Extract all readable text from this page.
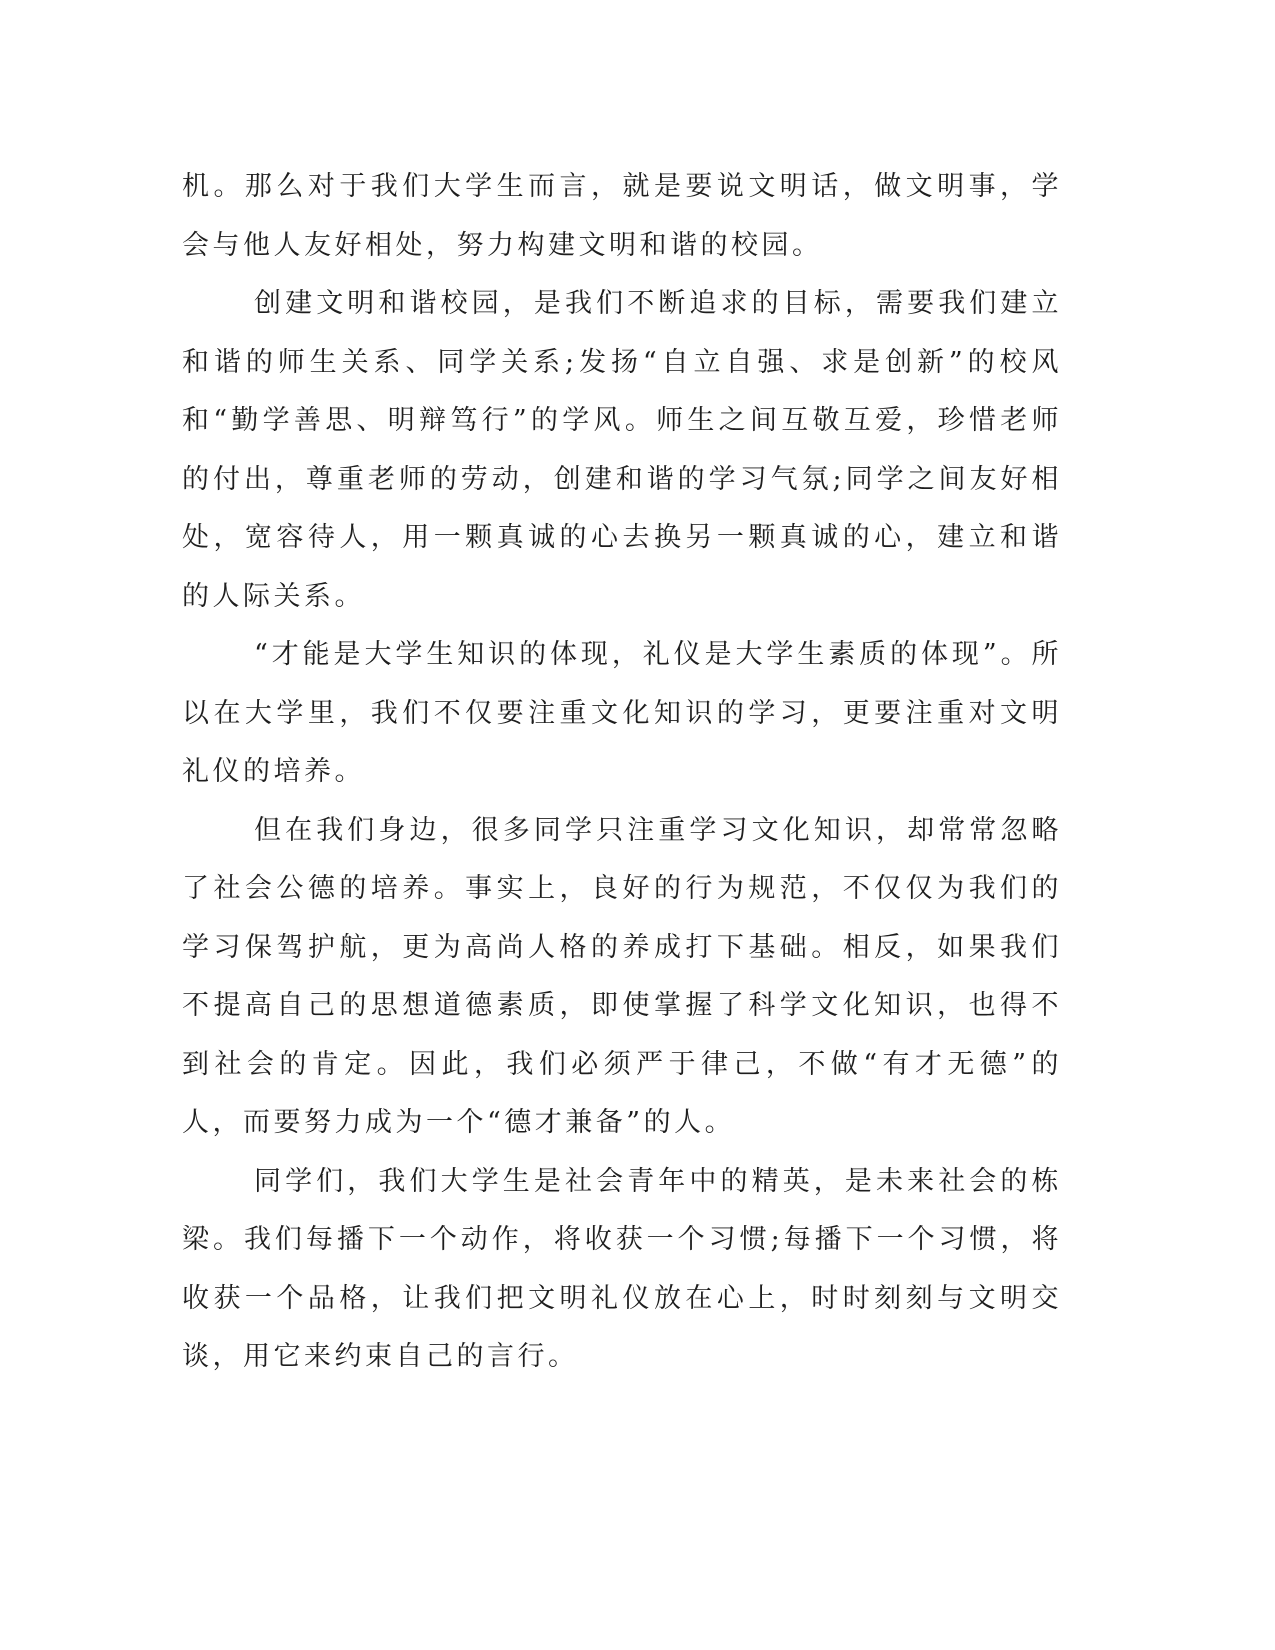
机。那么对于我们大学生而言，就是要说文明话，做文明事，学会与他人友好相处，努力构建文明和谐的校园。

创建文明和谐校园，是我们不断追求的目标，需要我们建立和谐的师生关系、同学关系;发扬“自立自强、求是创新”的校风和“勤学善思、明辩笃行”的学风。师生之间互敬互爱，珍惜老师的付出，尊重老师的劳动，创建和谐的学习气氛;同学之间友好相处，宽容待人，用一颗真诚的心去换另一颗真诚的心，建立和谐的人际关系。

“才能是大学生知识的体现，礼仪是大学生素质的体现”。所以在大学里，我们不仅要注重文化知识的学习，更要注重对文明礼仪的培养。

但在我们身边，很多同学只注重学习文化知识，却常常忽略了社会公德的培养。事实上，良好的行为规范，不仅仅为我们的学习保驾护航，更为高尚人格的养成打下基础。相反，如果我们不提高自己的思想道德素质，即使掌握了科学文化知识，也得不到社会的肯定。因此，我们必须严于律己，不做“有才无德”的人，而要努力成为一个“德才兼备”的人。

同学们，我们大学生是社会青年中的精英，是未来社会的栋梁。我们每播下一个动作，将收获一个习惯;每播下一个习惯，将收获一个品格，让我们把文明礼仪放在心上，时时刻刻与文明交谈，用它来约束自己的言行。
